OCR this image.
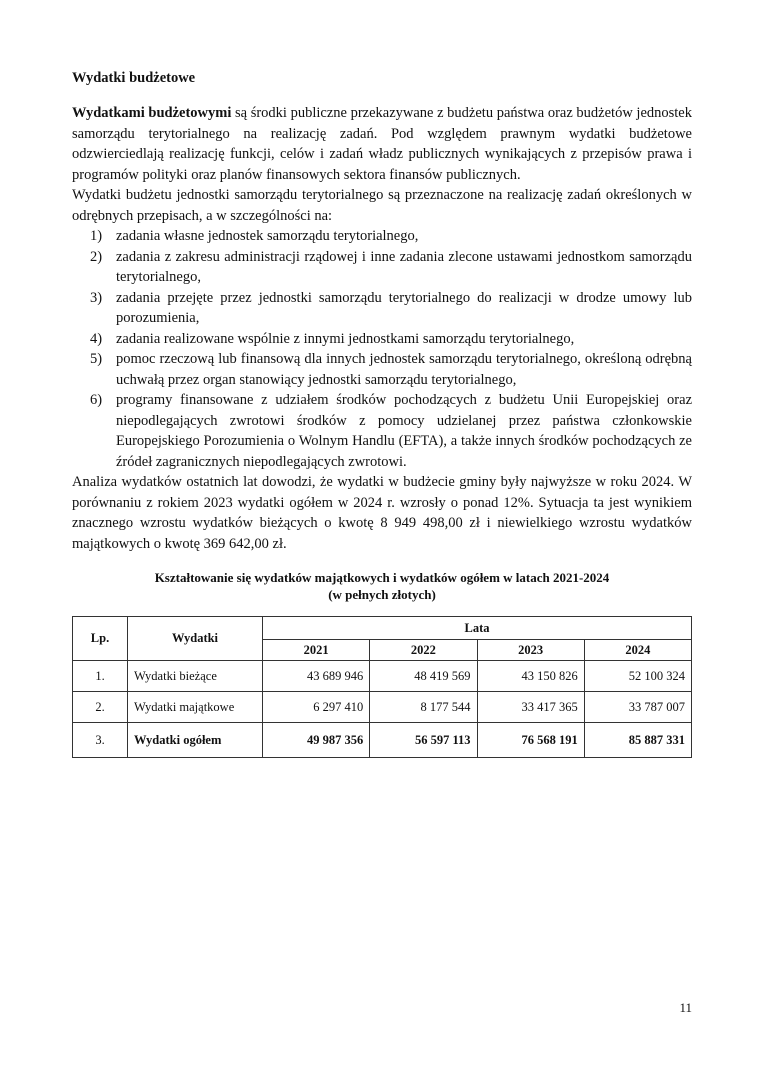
Wydatki budżetowe

Wydatkami budżetowymi są środki publiczne przekazywane z budżetu państwa oraz budżetów jednostek samorządu terytorialnego na realizację zadań. Pod względem prawnym wydatki budżetowe odzwierciedlają realizację funkcji, celów i zadań władz publicznych wynikających z przepisów prawa i programów polityki oraz planów finansowych sektora finansów publicznych.

Wydatki budżetu jednostki samorządu terytorialnego są przeznaczone na realizację zadań określonych w odrębnych przepisach, a w szczególności na:

1) zadania własne jednostek samorządu terytorialnego,
2) zadania z zakresu administracji rządowej i inne zadania zlecone ustawami jednostkom samorządu terytorialnego,
3) zadania przejęte przez jednostki samorządu terytorialnego do realizacji w drodze umowy lub porozumienia,
4) zadania realizowane wspólnie z innymi jednostkami samorządu terytorialnego,
5) pomoc rzeczową lub finansową dla innych jednostek samorządu terytorialnego, określoną odrębną uchwałą przez organ stanowiący jednostki samorządu terytorialnego,
6) programy finansowane z udziałem środków pochodzących z budżetu Unii Europejskiej oraz niepodlegających zwrotowi środków z pomocy udzielanej przez państwa członkowskie Europejskiego Porozumienia o Wolnym Handlu (EFTA), a także innych środków pochodzących ze źródeł zagranicznych niepodlegających zwrotowi.

Analiza wydatków ostatnich lat dowodzi, że wydatki w budżecie gminy były najwyższe w roku 2024. W porównaniu z rokiem 2023 wydatki ogółem w 2024 r. wzrosły o ponad 12%. Sytuacja ta jest wynikiem znacznego wzrostu wydatków bieżących o kwotę 8 949 498,00 zł i niewielkiego wzrostu wydatków majątkowych o kwotę 369 642,00 zł.

Kształtowanie się wydatków majątkowych i wydatków ogółem w latach 2021-2024
(w pełnych złotych)
Lp.	Wydatki	Lata			
		2021	2022	2023	2024
1.	Wydatki bieżące	43 689 946	48 419 569	43 150 826	52 100 324
2.	Wydatki majątkowe	6 297 410	8 177 544	33 417 365	33 787 007
3.	Wydatki ogółem	49 987 356	56 597 113	76 568 191	85 887 331
11
